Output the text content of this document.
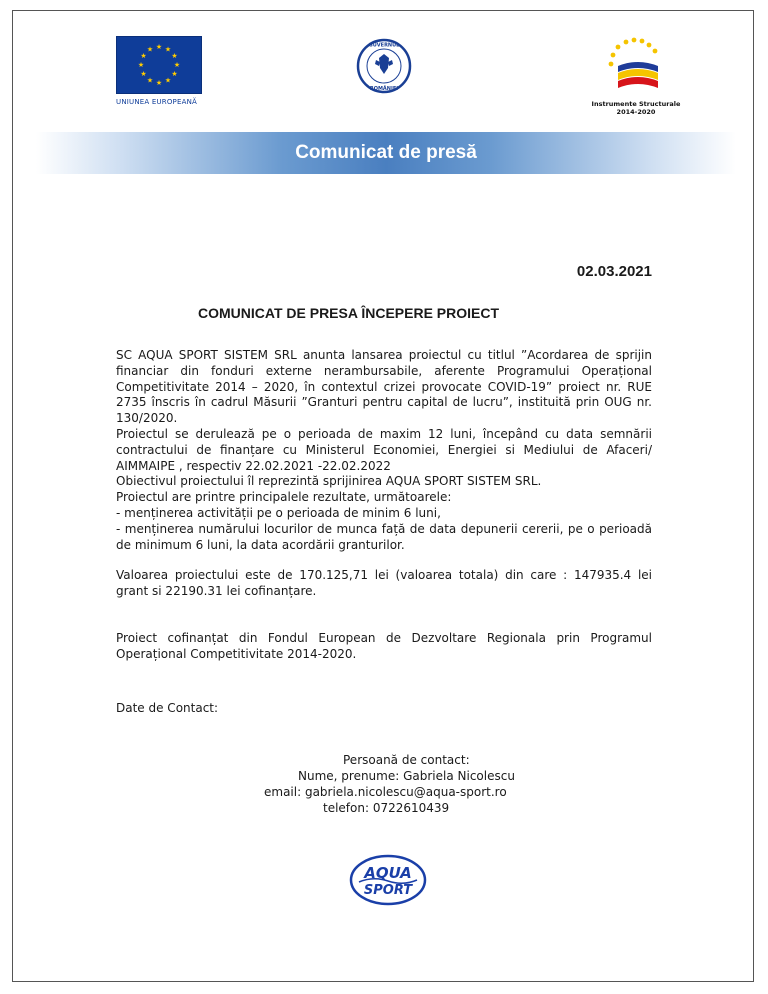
★ ★
★
★
★
★
★
★
★
★
★
★
UNIUNEA EUROPEANĂ
GUVERNUL
ROMÂNIEI
Instrumente Structurale
2014-2020
Comunicat de presă
02.03.2021
COMUNICAT DE PRESA ÎNCEPERE PROIECT

SC AQUA SPORT SISTEM SRL anunta lansarea proiectul cu titlul ”Acordarea de sprijin financiar din fonduri externe nerambursabile, aferente Programului Operațional Competitivitate 2014 – 2020, în contextul crizei provocate COVID-19” proiect nr. RUE 2735 înscris în cadrul Măsurii ”Granturi pentru capital de lucru”, instituită prin OUG nr. 130/2020.

Proiectul se derulează pe o perioada de maxim 12 luni, începând cu data semnării contractului de finanțare cu Ministerul Economiei, Energiei si Mediului de Afaceri/ AIMMAIPE , respectiv 22.02.2021 -22.02.2022

Obiectivul proiectului îl reprezintă sprijinirea AQUA SPORT SISTEM SRL.

Proiectul are printre principalele rezultate, următoarele:

- menținerea activității pe o perioada de minim 6 luni,

- menținerea numărului locurilor de munca față de data depunerii cererii, pe o perioadă de minimum 6 luni, la data acordării granturilor.

Valoarea proiectului este de 170.125,71 lei (valoarea totala) din care : 147935.4 lei grant si 22190.31 lei cofinanțare.

Proiect cofinanțat din Fondul European de Dezvoltare Regionala prin Programul Operațional Competitivitate 2014-2020.

Date de Contact:

Persoană de contact:
Nume, prenume: Gabriela Nicolescu
email: gabriela.nicolescu@aqua-sport.ro
telefon: 0722610439
AQUA
SPORT
